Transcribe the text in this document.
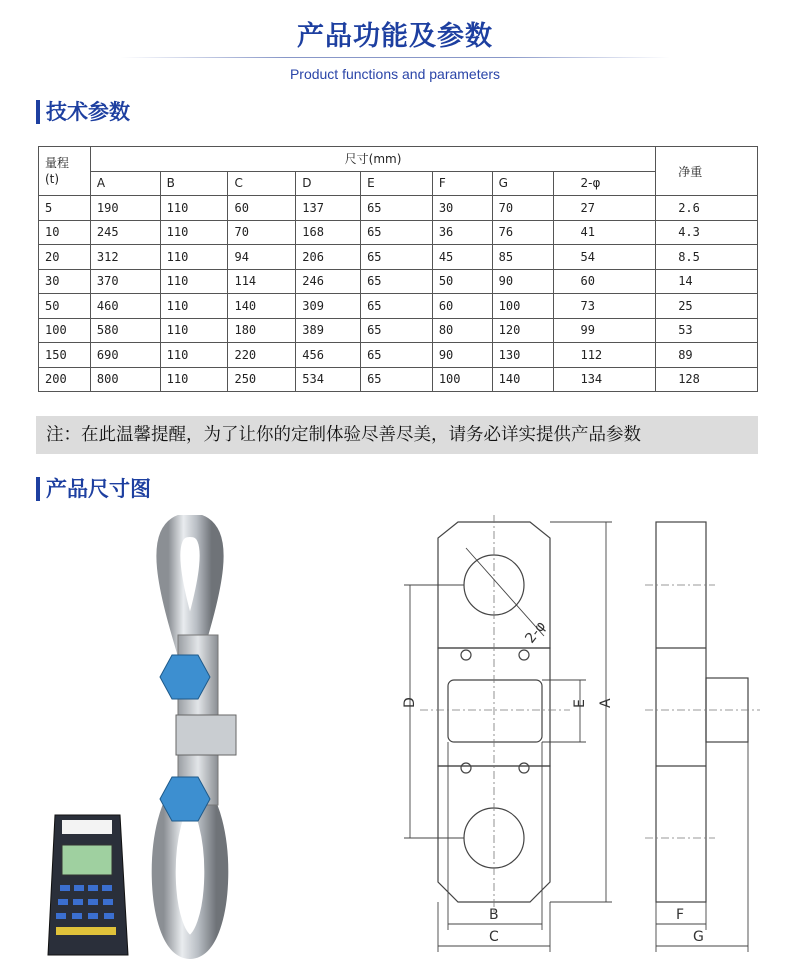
产品功能及参数
Product functions and parameters
技术参数
量程
(t)	尺寸(mm)								净重
	A	B	C	D	E	F	G	2-φ	
5	190	110	60	137	65	30	70	27	2.6
10	245	110	70	168	65	36	76	41	4.3
20	312	110	94	206	65	45	85	54	8.5
30	370	110	114	246	65	50	90	60	14
50	460	110	140	309	65	60	100	73	25
100	580	110	180	389	65	80	120	99	53
150	690	110	220	456	65	90	130	112	89
200	800	110	250	534	65	100	140	134	128
注：在此温馨提醒，为了让你的定制体验尽善尽美，请务必详实提供产品参数
产品尺寸图
A
D	E
B
C
F
G
2-φ
